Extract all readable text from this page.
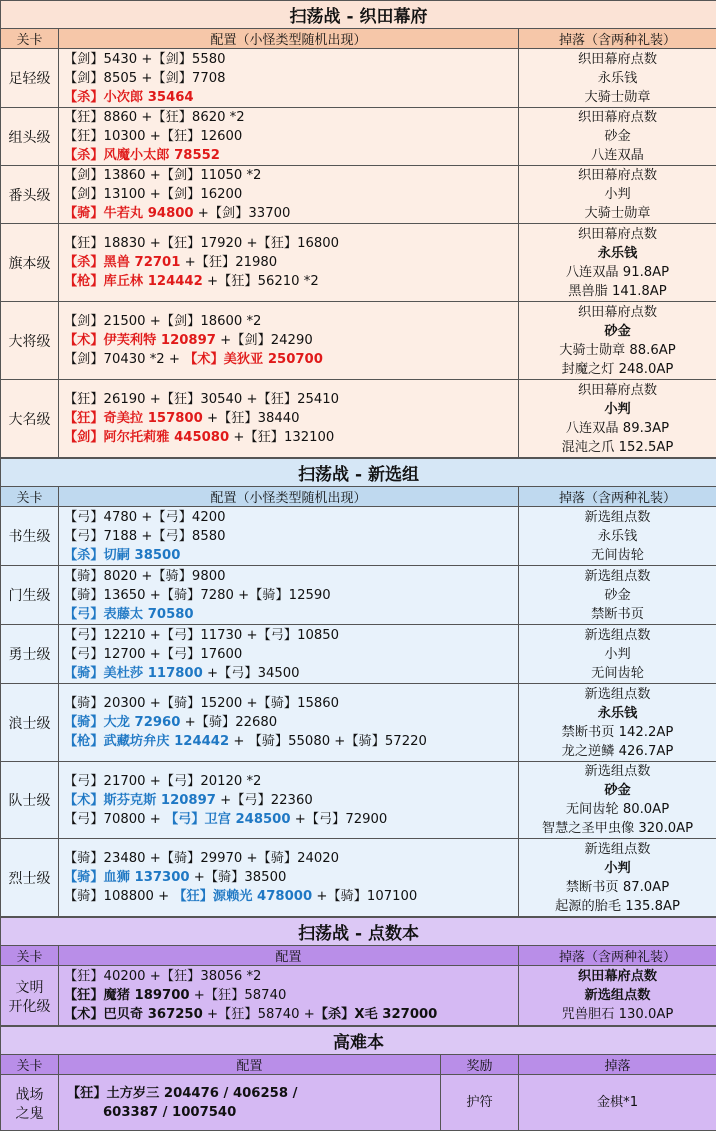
扫荡战 - 织田幕府		
关卡	配置（小怪类型随机出现）	掉落（含两种礼装）
足轻级	【剑】5430 +【剑】5580
【剑】8505 +【剑】7708
【杀】小次郎 35464	织田幕府点数
永乐钱
大骑士勋章

组头级	【狂】8860 +【狂】8620 *2
【狂】10300 +【狂】12600
【杀】风魔小太郎 78552	织田幕府点数
砂金
八连双晶

番头级	【剑】13860 +【剑】11050 *2
【剑】13100 +【剑】16200
【骑】牛若丸 94800 +【剑】33700	织田幕府点数
小判
大骑士勋章

旗本级	【狂】18830 +【狂】17920 +【狂】16800
【杀】黑兽 72701 +【狂】21980
【枪】库丘林 124442 +【狂】56210 *2	织田幕府点数
永乐钱
八连双晶 91.8AP
黑兽脂 141.8AP

大将级	【剑】21500 +【剑】18600 *2
【术】伊芙利特 120897 +【剑】24290
【剑】70430 *2 + 【术】美狄亚 250700	织田幕府点数
砂金
大骑士勋章 88.6AP
封魔之灯 248.0AP

大名级	【狂】26190 +【狂】30540 +【狂】25410
【狂】奇美拉 157800 +【狂】38440
【剑】阿尔托莉雅 445080 +【狂】132100	织田幕府点数
小判
八连双晶 89.3AP
混沌之爪 152.5AP
扫荡战 - 新选组		
关卡	配置（小怪类型随机出现）	掉落（含两种礼装）
书生级	【弓】4780 +【弓】4200
【弓】7188 +【弓】8580
【杀】切嗣 38500	新选组点数
永乐钱
无间齿轮

门生级	【骑】8020 +【骑】9800
【骑】13650 +【骑】7280 +【骑】12590
【弓】表藤太 70580	新选组点数
砂金
禁断书页

勇士级	【弓】12210 +【弓】11730 +【弓】10850
【弓】12700 +【弓】17600
【骑】美杜莎 117800 +【弓】34500	新选组点数
小判
无间齿轮

浪士级	【骑】20300 +【骑】15200 +【骑】15860
【骑】大龙 72960 +【骑】22680
【枪】武藏坊弁庆 124442 + 【骑】55080 +【骑】57220	新选组点数
永乐钱
禁断书页 142.2AP
龙之逆鳞 426.7AP

队士级	【弓】21700 +【弓】20120 *2
【术】斯芬克斯 120897 +【弓】22360
【弓】70800 + 【弓】卫宫 248500 +【弓】72900	新选组点数
砂金
无间齿轮 80.0AP
智慧之圣甲虫像 320.0AP

烈士级	【骑】23480 +【骑】29970 +【骑】24020
【骑】血狮 137300 +【骑】38500
【骑】108800 + 【狂】源赖光 478000 +【骑】107100	新选组点数
小判
禁断书页 87.0AP
起源的胎毛 135.8AP
扫荡战 - 点数本		
关卡	配置	掉落（含两种礼装）

文明
开化级	【狂】40200 +【狂】38056 *2
【狂】魔猪 189700 +【狂】58740
【术】巴贝奇 367250 +【狂】58740 +【杀】X毛 327000	织田幕府点数
新选组点数
咒兽胆石 130.0AP
高难本			
关卡	配置	奖励	掉落

战场
之鬼	【狂】土方岁三 204476 / 406258 /
603387 / 1007540	护符	金棋*1
